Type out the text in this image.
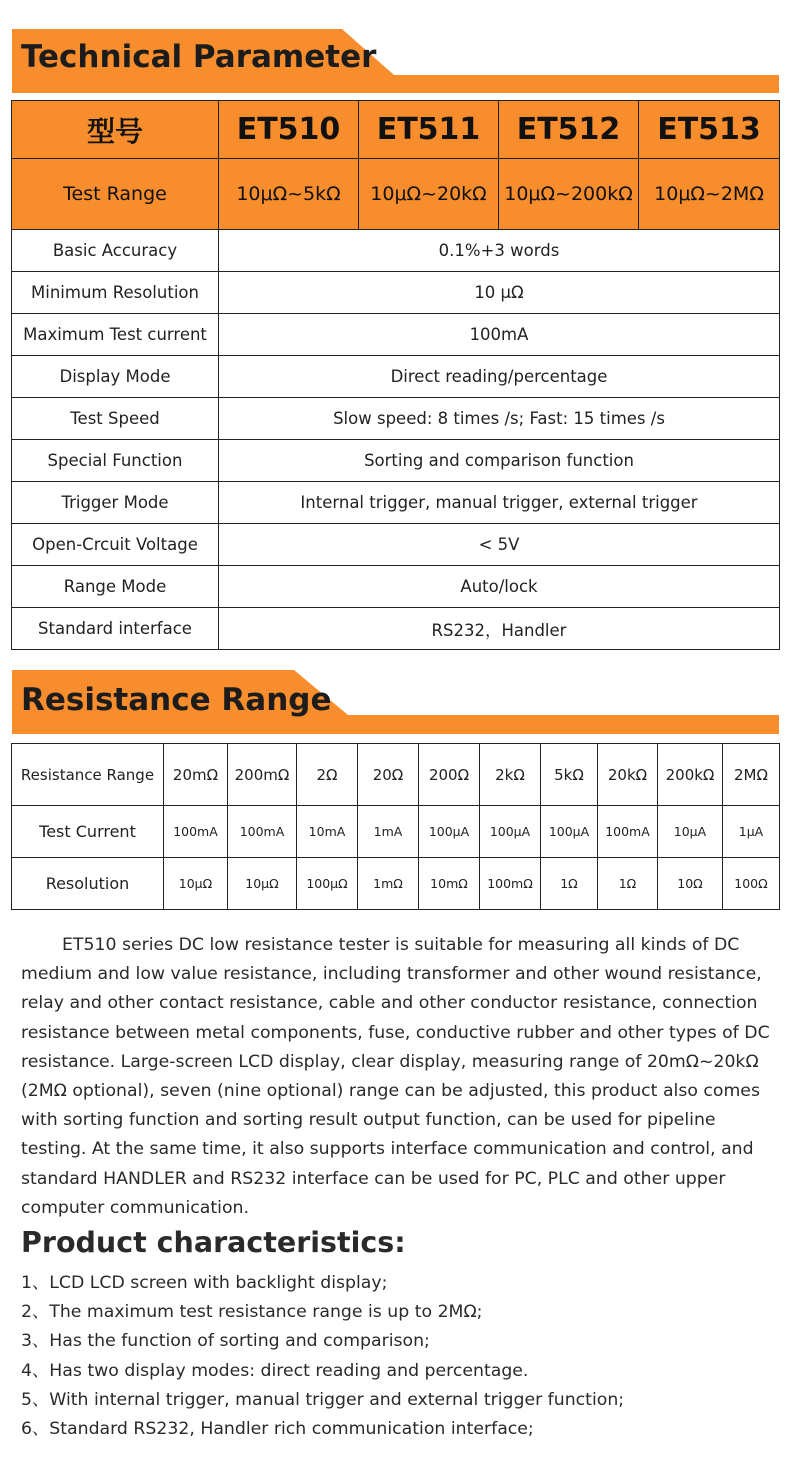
Technical Parameter
型号	ET510	ET511	ET512	ET513
Test Range	10μΩ~5kΩ	10μΩ~20kΩ	10μΩ~200kΩ	10μΩ~2MΩ
Basic Accuracy	0.1%+3 words			
Minimum Resolution	10 μΩ			
Maximum Test current	100mA			
Display Mode	Direct reading/percentage			
Test Speed	Slow speed: 8 times /s; Fast: 15 times /s			
Special Function	Sorting and comparison function			
Trigger Mode	Internal trigger, manual trigger, external trigger			
Open-Crcuit Voltage	< 5V			
Range Mode	Auto/lock			
Standard interface	RS232，Handler			
Resistance Range
Resistance Range	20mΩ	200mΩ	2Ω	20Ω	200Ω	2kΩ	5kΩ	20kΩ	200kΩ	2MΩ
Test Current	100mA	100mA	10mA	1mA	100μA	100μA	100μA	100mA	10μA	1μA
Resolution	10μΩ	10μΩ	100μΩ	1mΩ	10mΩ	100mΩ	1Ω	1Ω	10Ω	100Ω
ET510 series DC low resistance tester is suitable for measuring all kinds of DC
medium and low value resistance, including transformer and other wound resistance,
relay and other contact resistance, cable and other conductor resistance, connection
resistance between metal components, fuse, conductive rubber and other types of DC
resistance. Large-screen LCD display, clear display, measuring range of 20mΩ~20kΩ
(2MΩ optional), seven (nine optional) range can be adjusted, this product also comes
with sorting function and sorting result output function, can be used for pipeline
testing. At the same time, it also supports interface communication and control, and
standard HANDLER and RS232 interface can be used for PC, PLC and other upper
computer communication.
Product characteristics:
1、LCD LCD screen with backlight display;
2、The maximum test resistance range is up to 2MΩ;
3、Has the function of sorting and comparison;
4、Has two display modes: direct reading and percentage.
5、With internal trigger, manual trigger and external trigger function;
6、Standard RS232, Handler rich communication interface;
